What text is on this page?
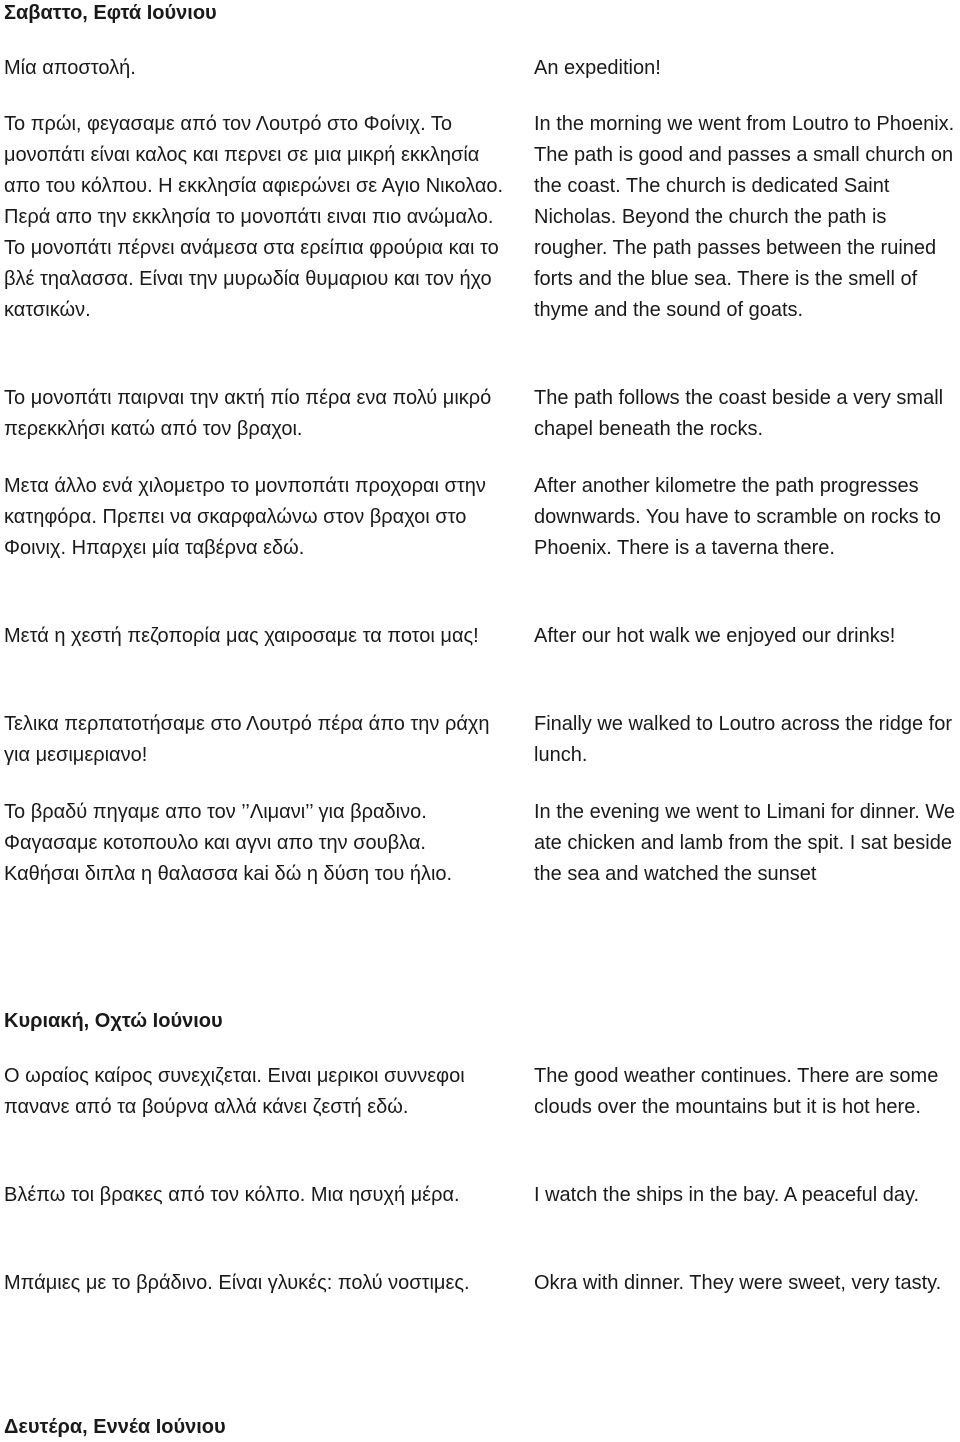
Σαβαττο, Εφτά Ιούνιου

Μία αποστολή.

Το πρώι, φεγασαμε από τον Λουτρό στο Φοίνιχ. Το μονοπάτι είναι καλος και περνει σε μια μικρή εκκλησία απο του κόλπου. Η εκκλησία αφιερώνει σε Αγιο Νικολαο. Περά απο την εκκλησία το μονοπάτι ειναι πιο ανώμαλο. Το μονοπάτι πέρνει ανάμεσα στα ερείπια φρούρια και το βλέ τηαλασσα. Είναι την μυρωδία θυμαριου και τον ήχο κατσικών.

Το μονοπάτι παιρναι την ακτή πίο πέρα ενα πολύ μικρό περεκκλήσι κατώ από τον βραχοι.

Μετα άλλο ενά χιλομετρο το μονποπάτι προχοραι στην κατηφόρα. Πρεπει να σκαρφαλώνω στον βραχοι στο Φοινιχ. Ηπαρχει μία ταβέρνα εδώ.

Μετά η χεστή πεζοπορία μας χαιροσαμε τα ποτοι μας!

Τελικα περπατοτήσαμε στο Λουτρό πέρα άπο την ράχη για μεσιμεριανο!

Το βραδύ πηγαμε απο τον ’’Λιμανι’’ για βραδινο. Φαγασαμε κοτοπουλο και αγνι απο την σουβλα. Καθήσαι διπλα η θαλασσα kai δώ η δύση του ήλιο.

An expedition!

In the morning we went from Loutro to Phoenix. The path is good and passes a small church on the coast. The church is dedicated Saint Nicholas. Beyond the church the path is rougher. The path passes between the ruined forts and the blue sea. There is the smell of thyme and the sound of goats.

The path follows the coast beside a very small chapel beneath the rocks.

After another kilometre the path progresses downwards. You have to scramble on rocks to Phoenix. There is a taverna there.

After our hot walk we enjoyed our drinks!

Finally we walked to Loutro across the ridge for lunch.

In the evening we went to Limani for dinner. We ate chicken and lamb from the spit. I sat beside the sea and watched the sunset

Κυριακή, Οχτώ Ιούνιου

Ο ωραίος καίρος συνεχιζεται. Ειναι μερικοι συννεφοι πανανε από τα βούρνα αλλά κάνει ζεστή εδώ.

Βλέπω τοι βρακες από τον κόλπο. Μια ησυχή μέρα.

Μπάμιες με το βράδινο. Είναι γλυκές: πολύ νοστιμες.

The good weather continues. There are some clouds over the mountains but it is hot here.

I watch the ships in the bay. A peaceful day.

Okra with dinner. They were sweet, very tasty.

Δευτέρα, Εννέα Ιούνιου
